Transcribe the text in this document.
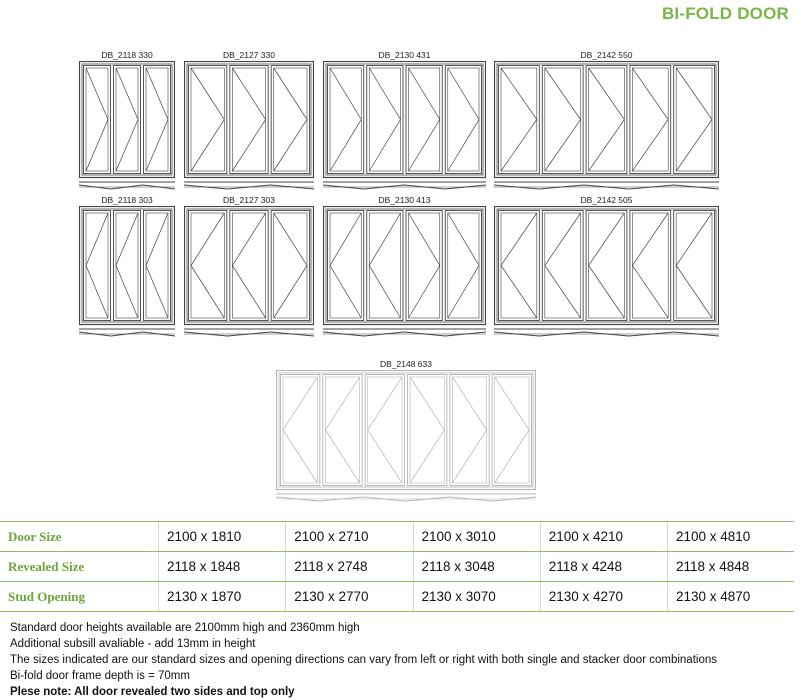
BI-FOLD DOOR
DB_2118 330	DB_2127 330	DB_2130 431	DB_2142 550
DB_2118 303	DB_2127 303	DB_2130 413	DB_2142 505
DB_2148 633
Door Size	2100 x 1810	2100 x 2710	2100 x 3010	2100 x 4210	2100 x 4810
Revealed Size	2118 x 1848	2118 x 2748	2118 x 3048	2118 x 4248	2118 x 4848
Stud Opening	2130 x 1870	2130 x 2770	2130 x 3070	2130 x 4270	2130 x 4870
Standard door heights available are 2100mm high and 2360mm high
Additional subsill avaliable - add 13mm in height
The sizes indicated are our standard sizes and opening directions can vary from left or right with both single and stacker door combinations
Bi-fold door frame depth is = 70mm
Plese note: All door revealed two sides and top only
